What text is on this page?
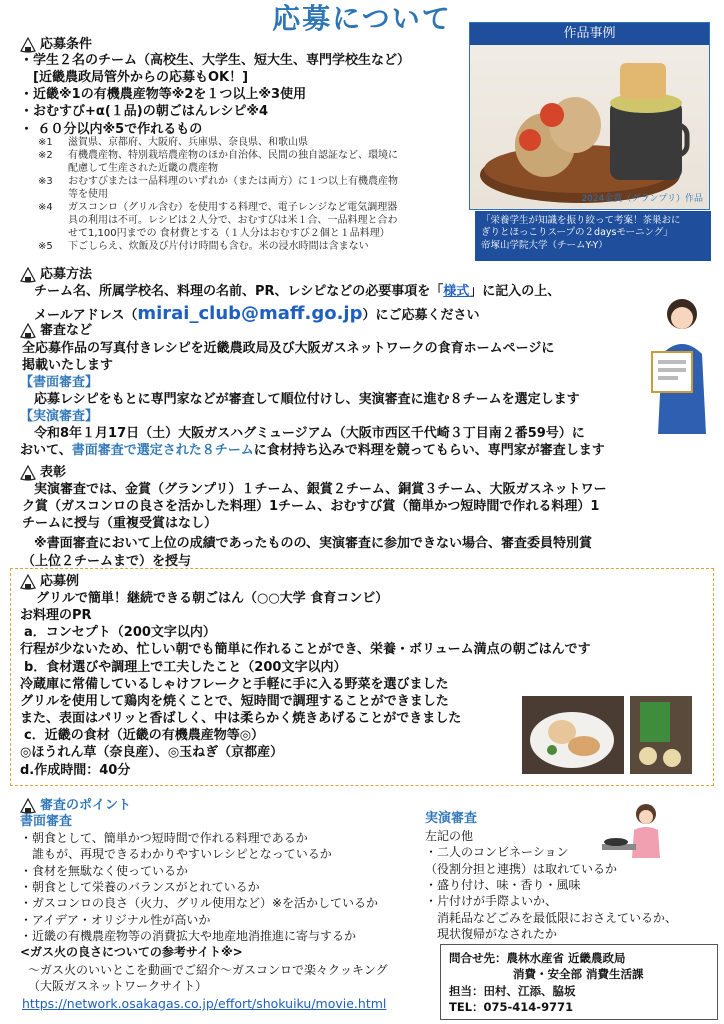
応募について	作品事例
2024金賞（グランプリ）作品
「栄養学生が知識を振り絞って考案！茶巣おに
ぎりとほっこりスープの２daysモーニング」
帝塚山学院大学（チームY-Y）
応募条件
・学生２名のチーム（高校生、大学生、短大生、専門学校生など）
　[近畿農政局管外からの応募もOK！]
・近畿※1の有機農産物等※2を１つ以上※3使用
・おむすび+α(１品)の朝ごはんレシピ※4
・ ６０分以内※5で作れるもの
※1 滋賀県、京都府、大阪府、兵庫県、奈良県、和歌山県
※2 有機農産物、特別栽培農産物のほか自治体、民間の独自認証など、環境に
配慮して生産された近畿の農産物
※3 おむすびまたは一品料理のいずれか（または両方）に１つ以上有機農産物
等を使用
※4 ガスコンロ（グリル含む）を使用する料理で、電子レンジなど電気調理器
具の利用は不可。レシピは２人分で、おむすびは米１合、一品料理と合わ
せて1,100円までの 食材費とする（１人分はおむすび２個と１品料理）
※5 下ごしらえ、炊飯及び片付け時間も含む。米の浸水時間は含まない
応募方法
チーム名、所属学校名、料理の名前、PR、レシピなどの必要事項を「様式」に記入の上、
メールアドレス（mirai_club@maff.go.jp）にご応募ください
審査など
全応募作品の写真付きレシピを近畿農政局及び大阪ガスネットワークの食育ホームページに
掲載いたします
【書面審査】
応募レシピをもとに専門家などが審査して順位付けし、実演審査に進む８チームを選定します
【実演審査】
令和8年１月17日（土）大阪ガスハグミュージアム（大阪市西区千代崎３丁目南２番59号）に
おいて、書面審査で選定された８チームに食材持ち込みで料理を競ってもらい、専門家が審査します
表彰
実演審査では、金賞（グランプリ）１チーム、銀賞２チーム、銅賞３チーム、大阪ガスネットワー
ク賞（ガスコンロの良さを活かした料理）1チーム、おむすび賞（簡単かつ短時間で作れる料理）1
チームに授与（重複受賞はなし）
※書面審査において上位の成績であったものの、実演審査に参加できない場合、審査委員特別賞
（上位２チームまで）を授与
応募例
グリルで簡単！継続できる朝ごはん（○○大学 食育コンビ）
お料理のPR
a．コンセプト（200文字以内）
行程が少ないため、忙しい朝でも簡単に作れることができ、栄養・ボリューム満点の朝ごはんです
b．食材選びや調理上で工夫したこと（200文字以内）
冷蔵庫に常備しているしゃけフレークと手軽に手に入る野菜を選びました
グリルを使用して鶏肉を焼くことで、短時間で調理することができました
また、表面はパリッと香ばしく、中は柔らかく焼きあげることができました
c．近畿の食材（近畿の有機農産物等◎）
◎ほうれん草（奈良産）、◎玉ねぎ（京都産）
d.作成時間：40分
審査のポイント
書面審査
・朝食として、簡単かつ短時間で作れる料理であるか
　誰もが、再現できるわかりやすいレシピとなっているか
・食材を無駄なく使っているか
・朝食として栄養のバランスがとれているか
・ガスコンロの良さ（火力、グリル使用など）※を活かしているか
・アイデア・オリジナル性が高いか
・近畿の有機農産物等の消費拡大や地産地消推進に寄与するか
<ガス火の良さについての参考サイト※>
～ガス火のいいとこを動画でご紹介～ガスコンロで楽々クッキング
（大阪ガスネットワークサイト）
https://network.osakagas.co.jp/effort/shokuiku/movie.html
実演審査
左記の他
・二人のコンビネーション
（役割分担と連携）は取れているか
・盛り付け、味・香り・風味
・片付けが手際よいか、
　消耗品などごみを最低限におさえているか、
　現状復帰がなされたか
問合せ先：農林水産省 近畿農政局
消費・安全部 消費生活課
担当：田村、江添、脇坂
TEL：075-414-9771
